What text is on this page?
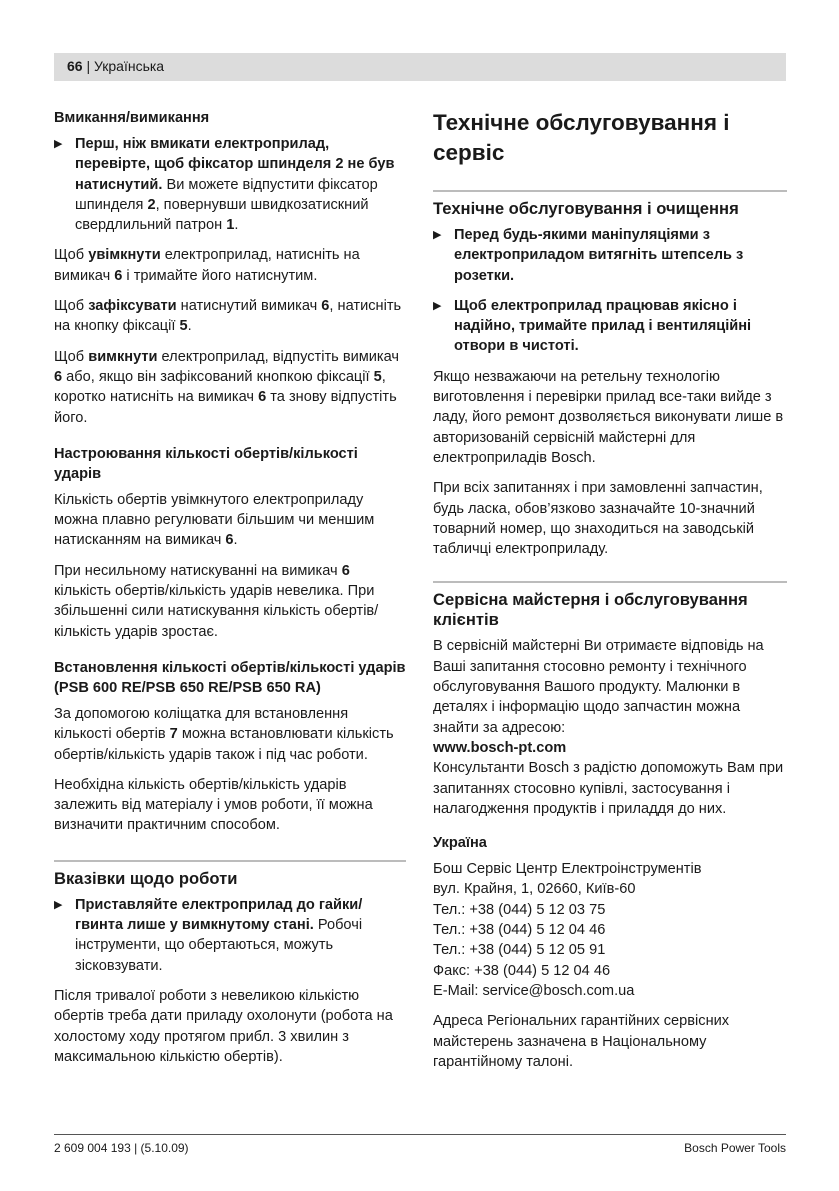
66 | Українська
Вмикання/вимикання
▶ Перш, ніж вмикати електроприлад, перевірте, щоб фіксатор шпинделя 2 не був натиснутий. Ви можете відпустити фіксатор шпинделя 2, повернувши швидкозатискний свердлильний патрон 1.

Щоб увімкнути електроприлад, натисніть на вимикач 6 і тримайте його натиснутим.

Щоб зафіксувати натиснутий вимикач 6, натисніть на кнопку фіксації 5.

Щоб вимкнути електроприлад, відпустіть вимикач 6 або, якщо він зафіксований кнопкою фіксації 5, коротко натисніть на вимикач 6 та знову відпустіть його.

Настроювання кількості обертів/кількості ударів

Кількість обертів увімкнутого електроприладу можна плавно регулювати більшим чи меншим натисканням на вимикач 6.

При несильному натискуванні на вимикач 6 кількість обертів/кількість ударів невелика. При збільшенні сили натискування кількість обертів/кількість ударів зростає.

Встановлення кількості обертів/кількості ударів
(PSB 600 RE/PSB 650 RE/PSB 650 RA)

За допомогою коліщатка для встановлення кількості обертів 7 можна встановлювати кількість обертів/кількість ударів також і під час роботи.

Необхідна кількість обертів/кількість ударів залежить від матеріалу і умов роботи, її можна визначити практичним способом.

Вказівки щодо роботи
▶ Приставляйте електроприлад до гайки/гвинта лише у вимкнутому стані. Робочі інструменти, що обертаються, можуть зісковзувати.

Після тривалої роботи з невеликою кількістю обертів треба дати приладу охолонути (робота на холостому ходу протягом прибл. 3 хвилин з максимальною кількістю обертів).

Технічне обслуговування і сервіс
Технічне обслуговування і очищення
▶ Перед будь-якими маніпуляціями з електроприладом витягніть штепсель з розетки.
▶ Щоб електроприлад працював якісно і надійно, тримайте прилад і вентиляційні отвори в чистоті.

Якщо незважаючи на ретельну технологію виготовлення і перевірки прилад все-таки вийде з ладу, його ремонт дозволяється виконувати лише в авторизованій сервісній майстерні для електроприладів Bosch.

При всіх запитаннях і при замовленні запчастин, будь ласка, обов’язково зазначайте 10-значний товарний номер, що знаходиться на заводській табличці електроприладу.

Сервісна майстерня і обслуговування клієнтів

В сервісній майстерні Ви отримаєте відповідь на Ваші запитання стосовно ремонту і технічного обслуговування Вашого продукту. Малюнки в деталях і інформацію щодо запчастин можна знайти за адресою:

www.bosch-pt.com

Консультанти Bosch з радістю допоможуть Вам при запитаннях стосовно купівлі, застосування і налагодження продуктів і приладдя до них.

Україна

Бош Сервіс Центр Електроінструментів

вул. Крайня, 1, 02660, Київ-60

Тел.: +38 (044) 5 12 03 75

Тел.: +38 (044) 5 12 04 46

Тел.: +38 (044) 5 12 05 91

Факс: +38 (044) 5 12 04 46

E-Mail: service@bosch.com.ua

Адреса Регіональних гарантійних сервісних майстерень зазначена в Національному гарантійному талоні.

2 609 004 193 | (5.10.09)	Bosch Power Tools
